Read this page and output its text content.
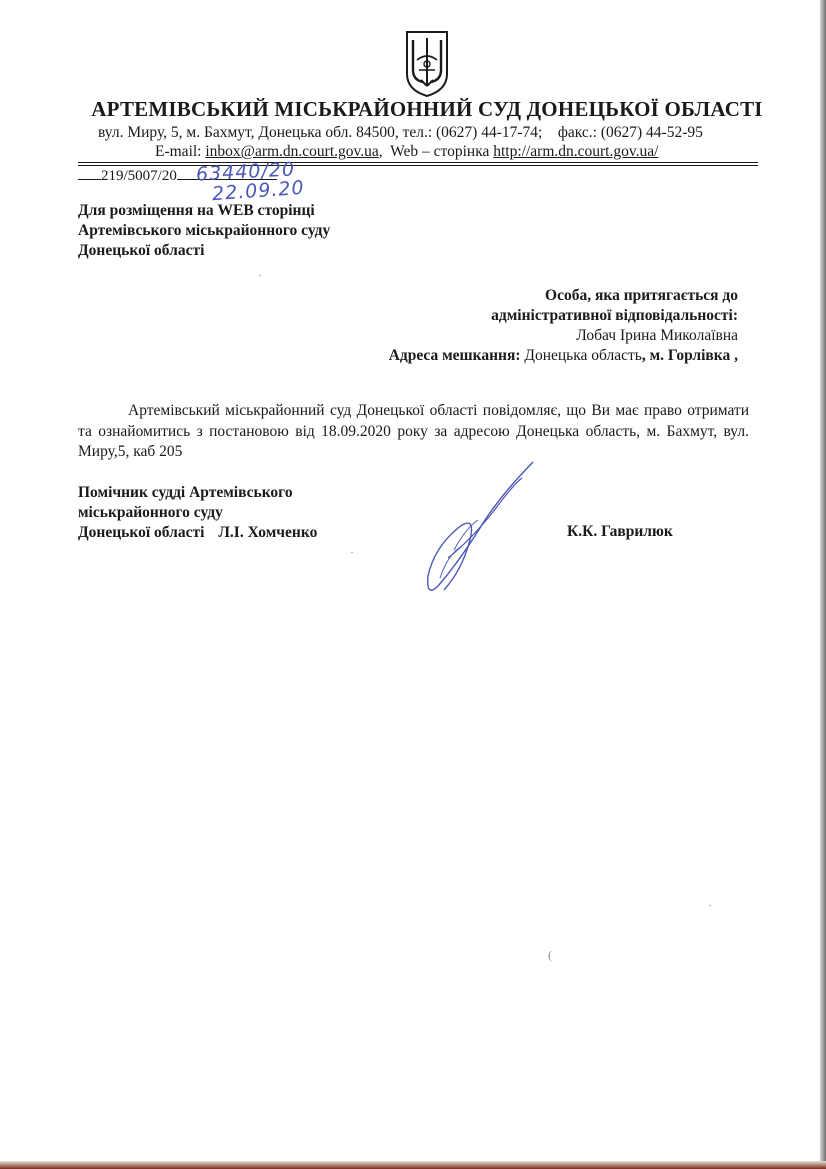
АРТЕМІВСЬКИЙ МІСЬКРАЙОННИЙ СУД ДОНЕЦЬКОЇ ОБЛАСТІ
вул. Миру, 5, м. Бахмут, Донецька обл. 84500, тел.: (0627) 44-17-74;    факс.: (0627) 44-52-95
E-mail: inbox@arm.dn.court.gov.ua,  Web – сторінка http://arm.dn.court.gov.ua/
219/5007/20 63440/20
22.09.20
Для розміщення на WEB сторінці
Артемівського міськрайонного суду
Донецької області
Особа, яка притягається до
адміністративної відповідальності:
Лобач Ірина Миколаївна
Адреса мешкання: Донецька область, м. Горлівка ,
Артемівський міськрайонний суд Донецької області повідомляє, що Ви має право отримати та ознайомитись з постановою від 18.09.2020 року за адресою Донецька область, м. Бахмут, вул. Миру,5, каб 205
Помічник судді Артемівського
міськрайонного суду
Донецької області Л.І. Хомченко	К.К. Гаврилюк
·
·
(
·
